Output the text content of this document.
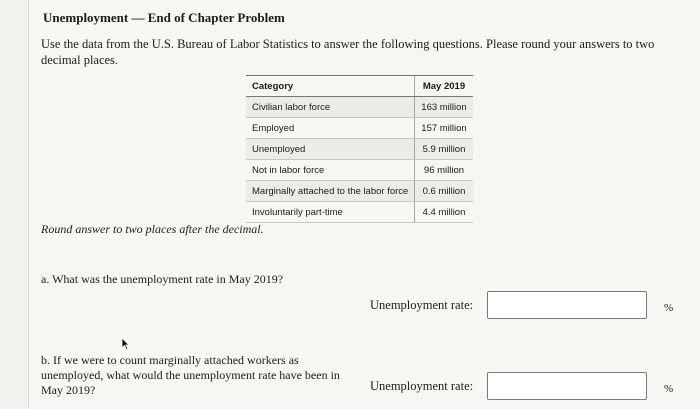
Unemployment — End of Chapter Problem
Use the data from the U.S. Bureau of Labor Statistics to answer the following questions. Please round your answers to two decimal places.
Category	May 2019
Civilian labor force	163 million
Employed	157 million
Unemployed	5.9 million
Not in labor force	96 million
Marginally attached to the labor force	0.6 million
Involuntarily part-time	4.4 million
Round answer to two places after the decimal.
a. What was the unemployment rate in May 2019?
Unemployment rate:	%
b. If we were to count marginally attached workers as unemployed, what would the unemployment rate have been in May 2019?	Unemployment rate:	%
